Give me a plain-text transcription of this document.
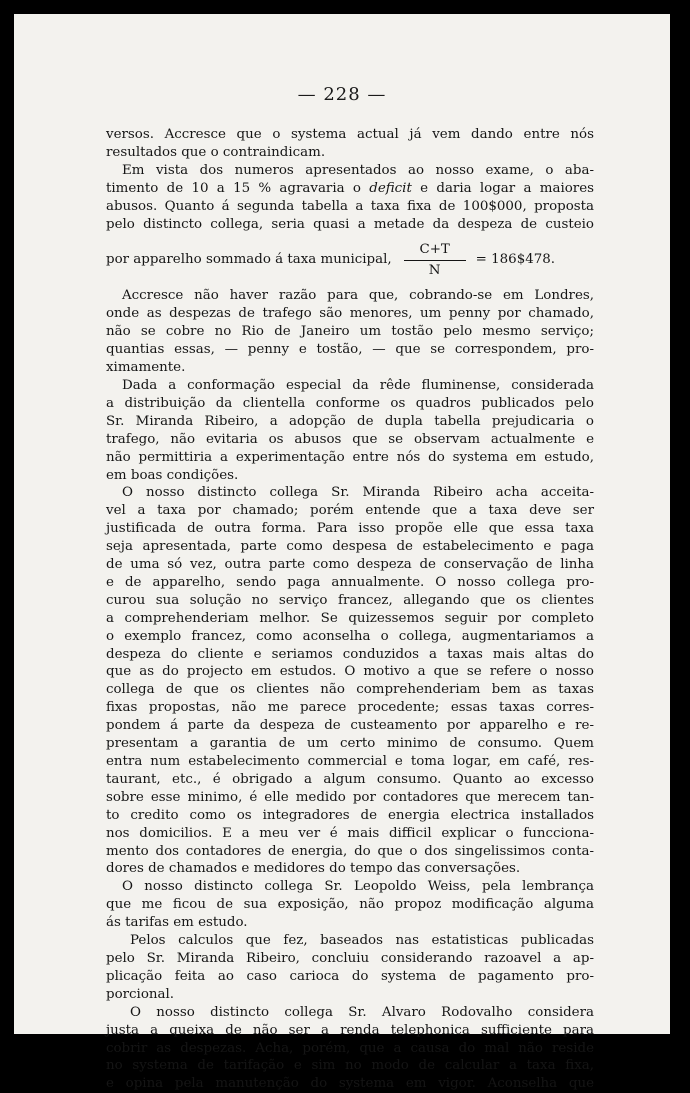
— 228 —
versos. Accresce que o systema actual já vem dando entre nós
resultados que o contraindicam.
Em vista dos numeros apresentados ao nosso exame, o aba-
timento de 10 a 15 % agravaria o deficit e daria logar a maiores
abusos. Quanto á segunda tabella a taxa fixa de 100$000, proposta
pelo distincto collega, seria quasi a metade da despeza de custeio
por apparelho sommado á taxa municipal, $\frac{C+T}{N}$ = 186$478.
Accresce não haver razão para que, cobrando-se em Londres,
onde as despezas de trafego são menores, um penny por chamado,
não se cobre no Rio de Janeiro um tostão pelo mesmo serviço;
quantias essas, — penny e tostão, — que se correspondem, pro-
ximamente.
Dada a conformação especial da rêde fluminense, considerada
a distribuição da clientella conforme os quadros publicados pelo
Sr. Miranda Ribeiro, a adopção de dupla tabella prejudicaria o
trafego, não evitaria os abusos que se observam actualmente e
não permittiria a experimentação entre nós do systema em estudo,
em boas condições.
O nosso distincto collega Sr. Miranda Ribeiro acha acceita-
vel a taxa por chamado; porém entende que a taxa deve ser
justificada de outra forma. Para isso propõe elle que essa taxa
seja apresentada, parte como despesa de estabelecimento e paga
de uma só vez, outra parte como despeza de conservação de linha
e de apparelho, sendo paga annualmente. O nosso collega pro-
curou sua solução no serviço francez, allegando que os clientes
a comprehenderiam melhor. Se quizessemos seguir por completo
o exemplo francez, como aconselha o collega, augmentariamos a
despeza do cliente e seriamos conduzidos a taxas mais altas do
que as do projecto em estudos. O motivo a que se refere o nosso
collega de que os clientes não comprehenderiam bem as taxas
fixas propostas, não me parece procedente; essas taxas corres-
pondem á parte da despeza de custeamento por apparelho e re-
presentam a garantia de um certo minimo de consumo. Quem
entra num estabelecimento commercial e toma logar, em café, res-
taurant, etc., é obrigado a algum consumo. Quanto ao excesso
sobre esse minimo, é elle medido por contadores que merecem tan-
to credito como os integradores de energia electrica installados
nos domicilios. E a meu ver é mais difficil explicar o funcciona-
mento dos contadores de energia, do que o dos singelissimos conta-
dores de chamados e medidores do tempo das conversações.
O nosso distincto collega Sr. Leopoldo Weiss, pela lembrança
que me ficou de sua exposição, não propoz modificação alguma
ás tarifas em estudo.
Pelos calculos que fez, baseados nas estatisticas publicadas
pelo Sr. Miranda Ribeiro, concluiu considerando razoavel a ap-
plicação feita ao caso carioca do systema de pagamento pro-
porcional.
O nosso distincto collega Sr. Alvaro Rodovalho considera
justa a queixa de não ser a renda telephonica sufficiente para
cobrir as despezas. Acha, porém, que a causa do mal não reside
no systema de tarifação e sim no modo de calcular a taxa fixa,
e opina pela manutenção do systema em vigor. Aconselha que
